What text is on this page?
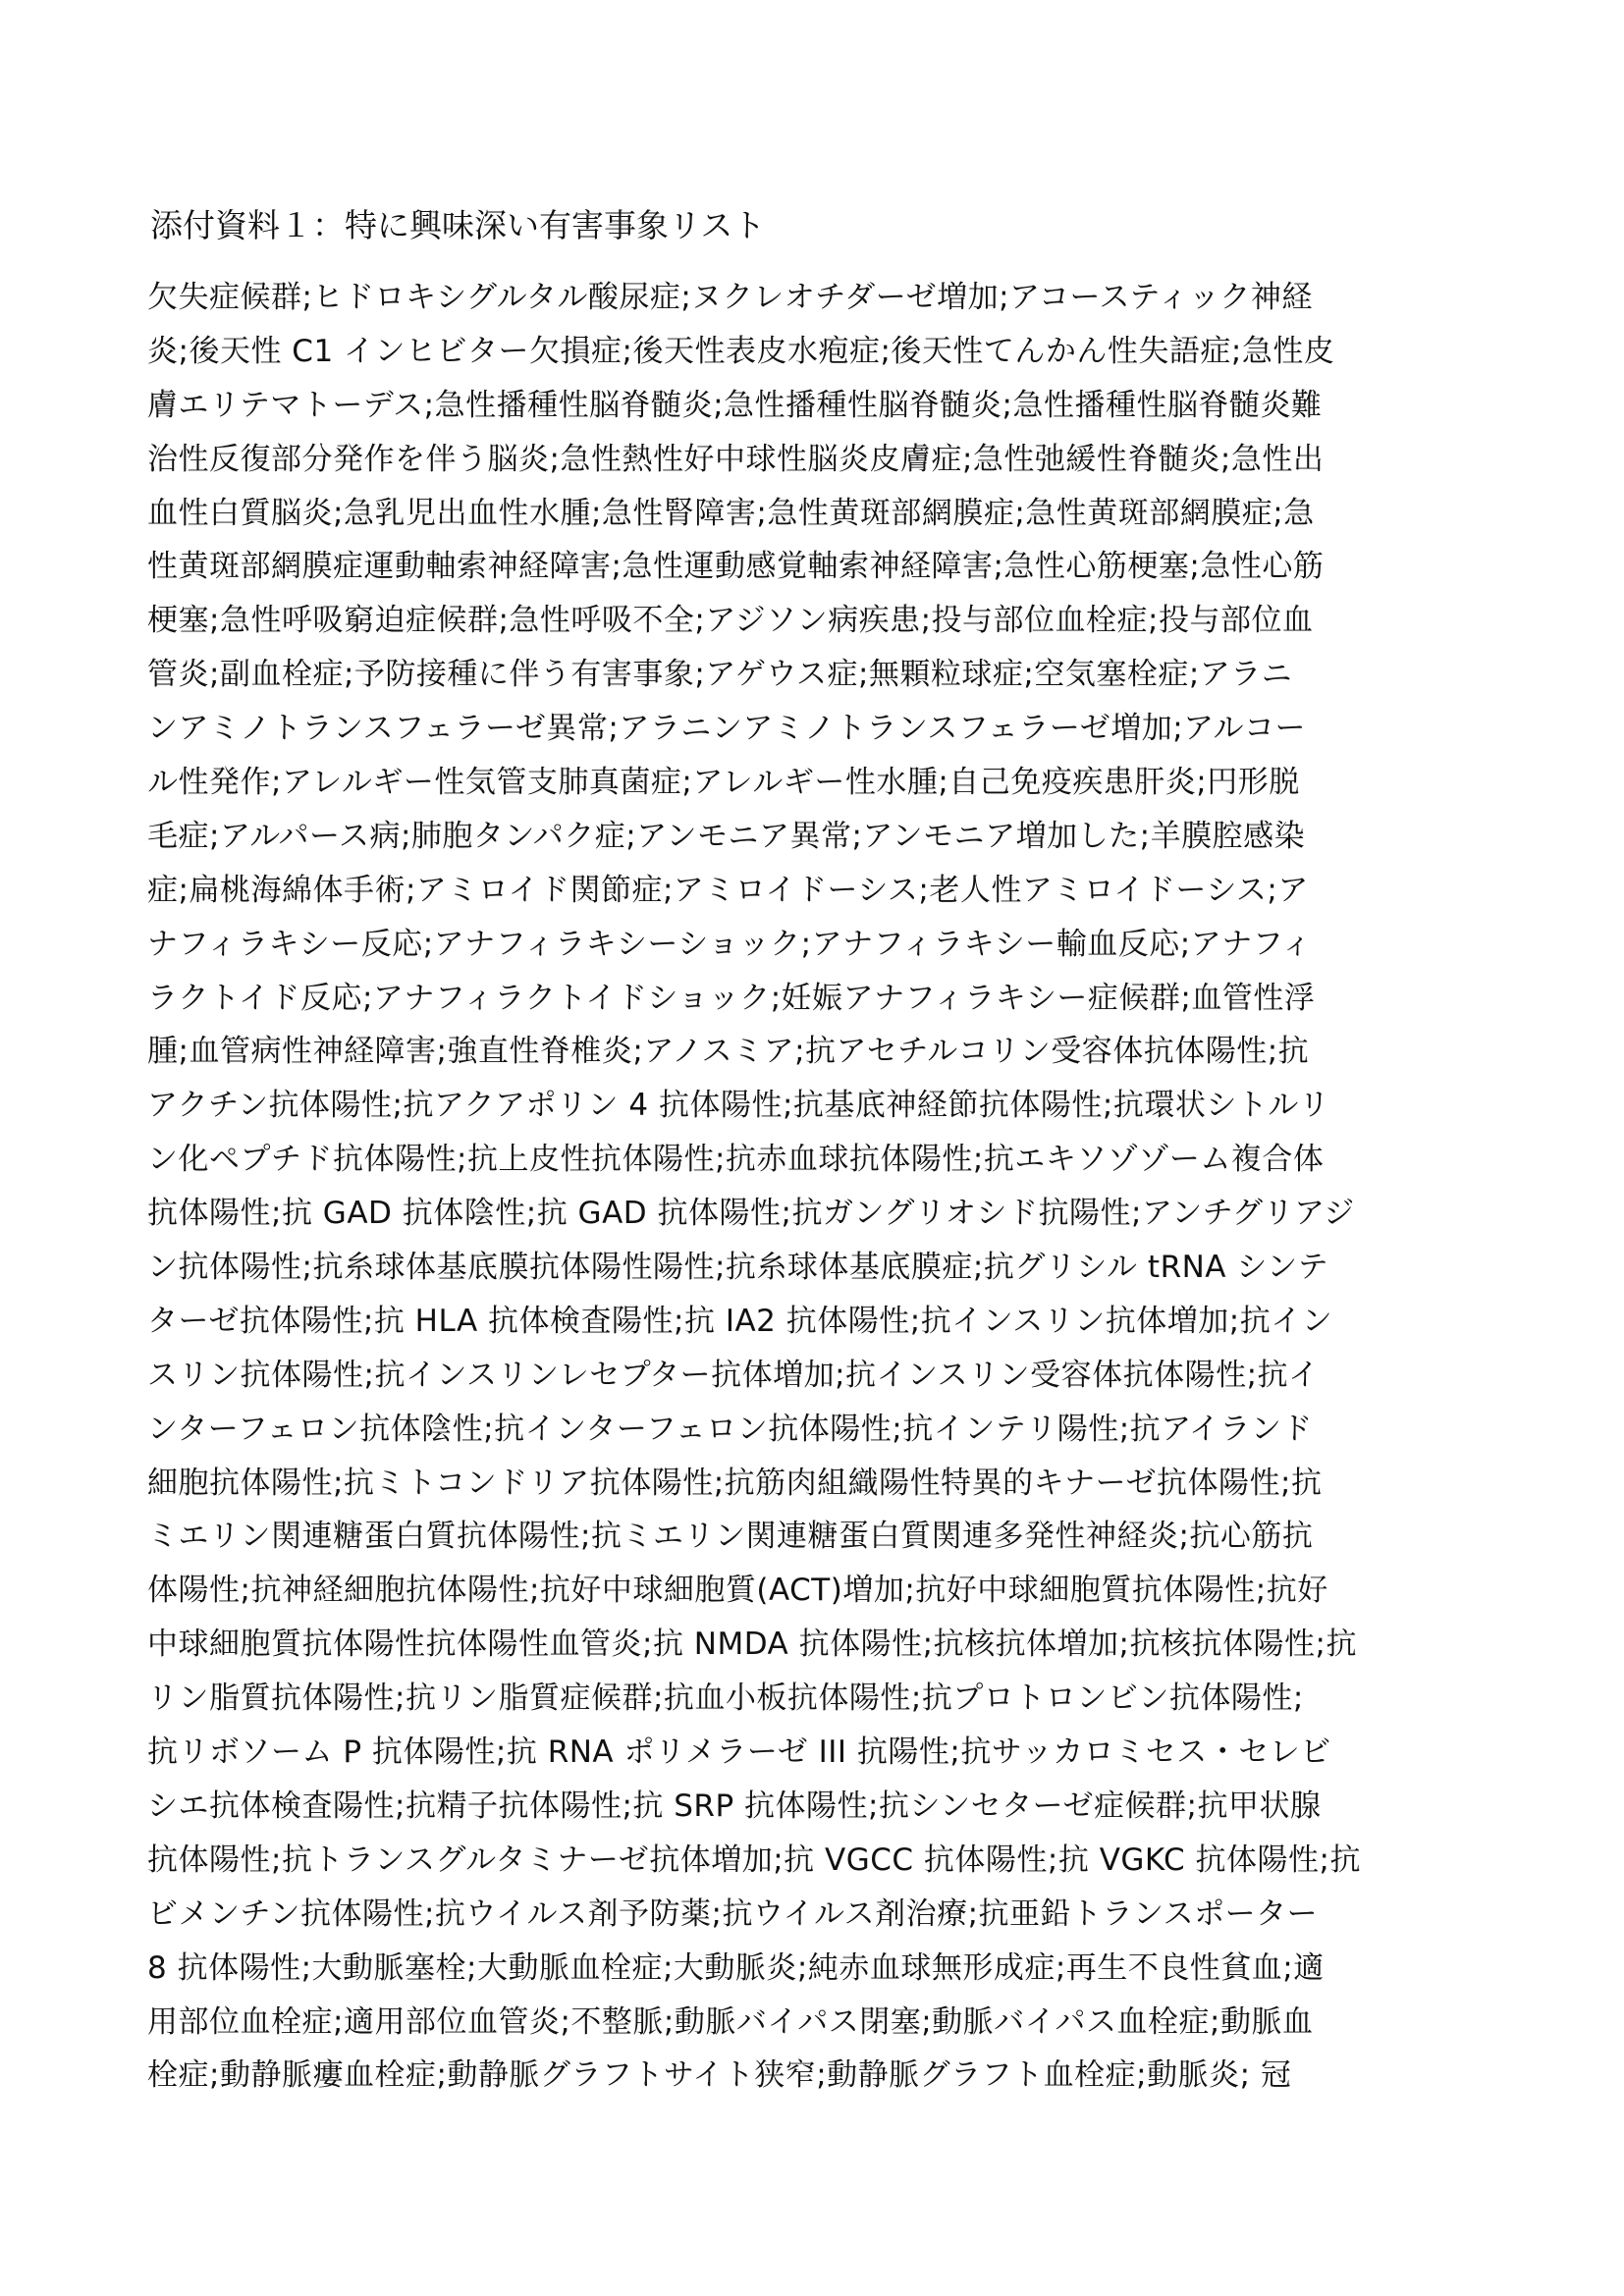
添付資料１：特に興味深い有害事象リスト
欠失症候群;ヒドロキシグルタル酸尿症;ヌクレオチダーゼ増加;アコースティック神経
炎;後天性 C1 インヒビター欠損症;後天性表皮水疱症;後天性てんかん性失語症;急性皮
膚エリテマトーデス;急性播種性脳脊髄炎;急性播種性脳脊髄炎;急性播種性脳脊髄炎難
治性反復部分発作を伴う脳炎;急性熱性好中球性脳炎皮膚症;急性弛緩性脊髄炎;急性出
血性白質脳炎;急乳児出血性水腫;急性腎障害;急性黄斑部網膜症;急性黄斑部網膜症;急
性黄斑部網膜症運動軸索神経障害;急性運動感覚軸索神経障害;急性心筋梗塞;急性心筋
梗塞;急性呼吸窮迫症候群;急性呼吸不全;アジソン病疾患;投与部位血栓症;投与部位血
管炎;副血栓症;予防接種に伴う有害事象;アゲウス症;無顆粒球症;空気塞栓症;アラニ
ンアミノトランスフェラーゼ異常;アラニンアミノトランスフェラーゼ増加;アルコー
ル性発作;アレルギー性気管支肺真菌症;アレルギー性水腫;自己免疫疾患肝炎;円形脱
毛症;アルパース病;肺胞タンパク症;アンモニア異常;アンモニア増加した;羊膜腔感染
症;扁桃海綿体手術;アミロイド関節症;アミロイドーシス;老人性アミロイドーシス;ア
ナフィラキシー反応;アナフィラキシーショック;アナフィラキシー輸血反応;アナフィ
ラクトイド反応;アナフィラクトイドショック;妊娠アナフィラキシー症候群;血管性浮
腫;血管病性神経障害;強直性脊椎炎;アノスミア;抗アセチルコリン受容体抗体陽性;抗
アクチン抗体陽性;抗アクアポリン 4 抗体陽性;抗基底神経節抗体陽性;抗環状シトルリ
ン化ペプチド抗体陽性;抗上皮性抗体陽性;抗赤血球抗体陽性;抗エキソゾゾーム複合体
抗体陽性;抗 GAD 抗体陰性;抗 GAD 抗体陽性;抗ガングリオシド抗陽性;アンチグリアジ
ン抗体陽性;抗糸球体基底膜抗体陽性陽性;抗糸球体基底膜症;抗グリシル tRNA シンテ
ターゼ抗体陽性;抗 HLA 抗体検査陽性;抗 IA2 抗体陽性;抗インスリン抗体増加;抗イン
スリン抗体陽性;抗インスリンレセプター抗体増加;抗インスリン受容体抗体陽性;抗イ
ンターフェロン抗体陰性;抗インターフェロン抗体陽性;抗インテリ陽性;抗アイランド
細胞抗体陽性;抗ミトコンドリア抗体陽性;抗筋肉組織陽性特異的キナーゼ抗体陽性;抗
ミエリン関連糖蛋白質抗体陽性;抗ミエリン関連糖蛋白質関連多発性神経炎;抗心筋抗
体陽性;抗神経細胞抗体陽性;抗好中球細胞質(ACT)増加;抗好中球細胞質抗体陽性;抗好
中球細胞質抗体陽性抗体陽性血管炎;抗 NMDA 抗体陽性;抗核抗体増加;抗核抗体陽性;抗
リン脂質抗体陽性;抗リン脂質症候群;抗血小板抗体陽性;抗プロトロンビン抗体陽性;
抗リボソーム P 抗体陽性;抗 RNA ポリメラーゼ III 抗陽性;抗サッカロミセス・セレビ
シエ抗体検査陽性;抗精子抗体陽性;抗 SRP 抗体陽性;抗シンセターゼ症候群;抗甲状腺
抗体陽性;抗トランスグルタミナーゼ抗体増加;抗 VGCC 抗体陽性;抗 VGKC 抗体陽性;抗
ビメンチン抗体陽性;抗ウイルス剤予防薬;抗ウイルス剤治療;抗亜鉛トランスポーター
8 抗体陽性;大動脈塞栓;大動脈血栓症;大動脈炎;純赤血球無形成症;再生不良性貧血;適
用部位血栓症;適用部位血管炎;不整脈;動脈バイパス閉塞;動脈バイパス血栓症;動脈血
栓症;動静脈瘻血栓症;動静脈グラフトサイト狭窄;動静脈グラフト血栓症;動脈炎; 冠
